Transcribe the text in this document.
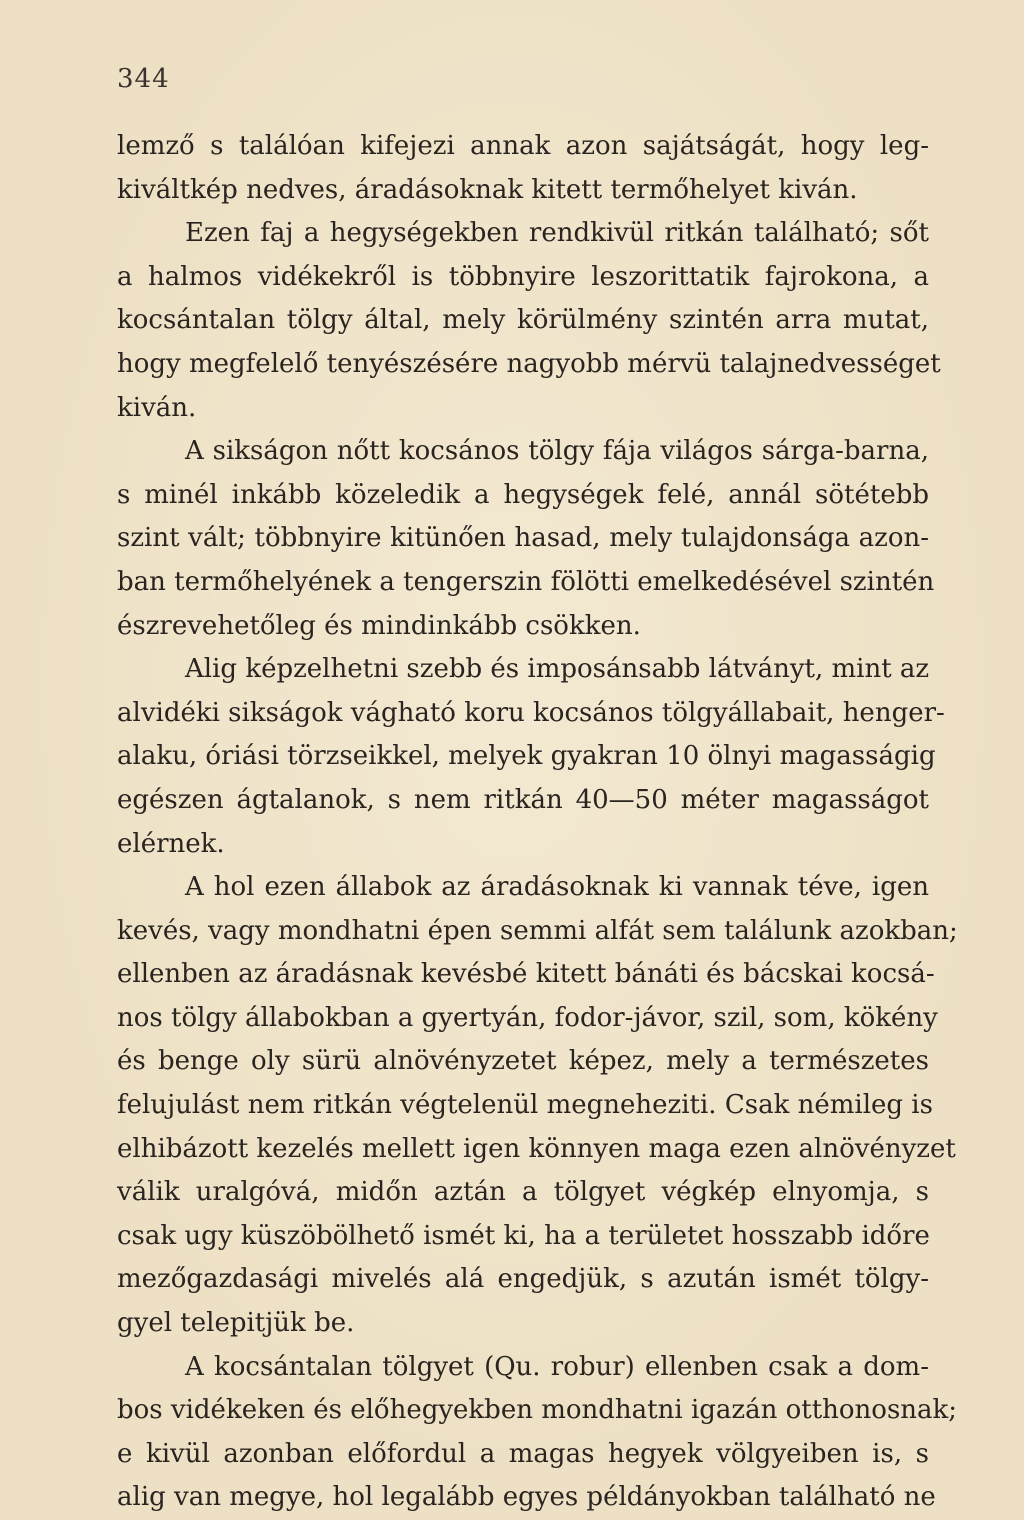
344
lemző s találóan kifejezi annak azon sajátságát, hogy leg-
kiváltkép nedves, áradásoknak kitett termőhelyet kiván.
Ezen faj a hegységekben rendkivül ritkán található; sőt
a halmos vidékekről is többnyire leszorittatik fajrokona, a
kocsántalan tölgy által, mely körülmény szintén arra mutat,
hogy megfelelő tenyészésére nagyobb mérvü talajnedvességet
kiván.
A sikságon nőtt kocsános tölgy fája világos sárga-barna,
s minél inkább közeledik a hegységek felé, annál sötétebb
szint vált; többnyire kitünően hasad, mely tulajdonsága azon-
ban termőhelyének a tengerszin fölötti emelkedésével szintén
észrevehetőleg és mindinkább csökken.
Alig képzelhetni szebb és imposánsabb látványt, mint az
alvidéki sikságok vágható koru kocsános tölgyállabait, henger-
alaku, óriási törzseikkel, melyek gyakran 10 ölnyi magasságig
egészen ágtalanok, s nem ritkán 40—50 méter magasságot
elérnek.
A hol ezen állabok az áradásoknak ki vannak téve, igen
kevés, vagy mondhatni épen semmi alfát sem találunk azokban;
ellenben az áradásnak kevésbé kitett bánáti és bácskai kocsá-
nos tölgy állabokban a gyertyán, fodor-jávor, szil, som, kökény
és benge oly sürü alnövényzetet képez, mely a természetes
felujulást nem ritkán végtelenül megneheziti. Csak némileg is
elhibázott kezelés mellett igen könnyen maga ezen alnövényzet
válik uralgóvá, midőn aztán a tölgyet végkép elnyomja, s
csak ugy küszöbölhető ismét ki, ha a területet hosszabb időre
mezőgazdasági mivelés alá engedjük, s azután ismét tölgy-
gyel telepitjük be.
A kocsántalan tölgyet (Qu. robur) ellenben csak a dom-
bos vidékeken és előhegyekben mondhatni igazán otthonosnak;
e kivül azonban előfordul a magas hegyek völgyeiben is, s
alig van megye, hol legalább egyes példányokban található ne
